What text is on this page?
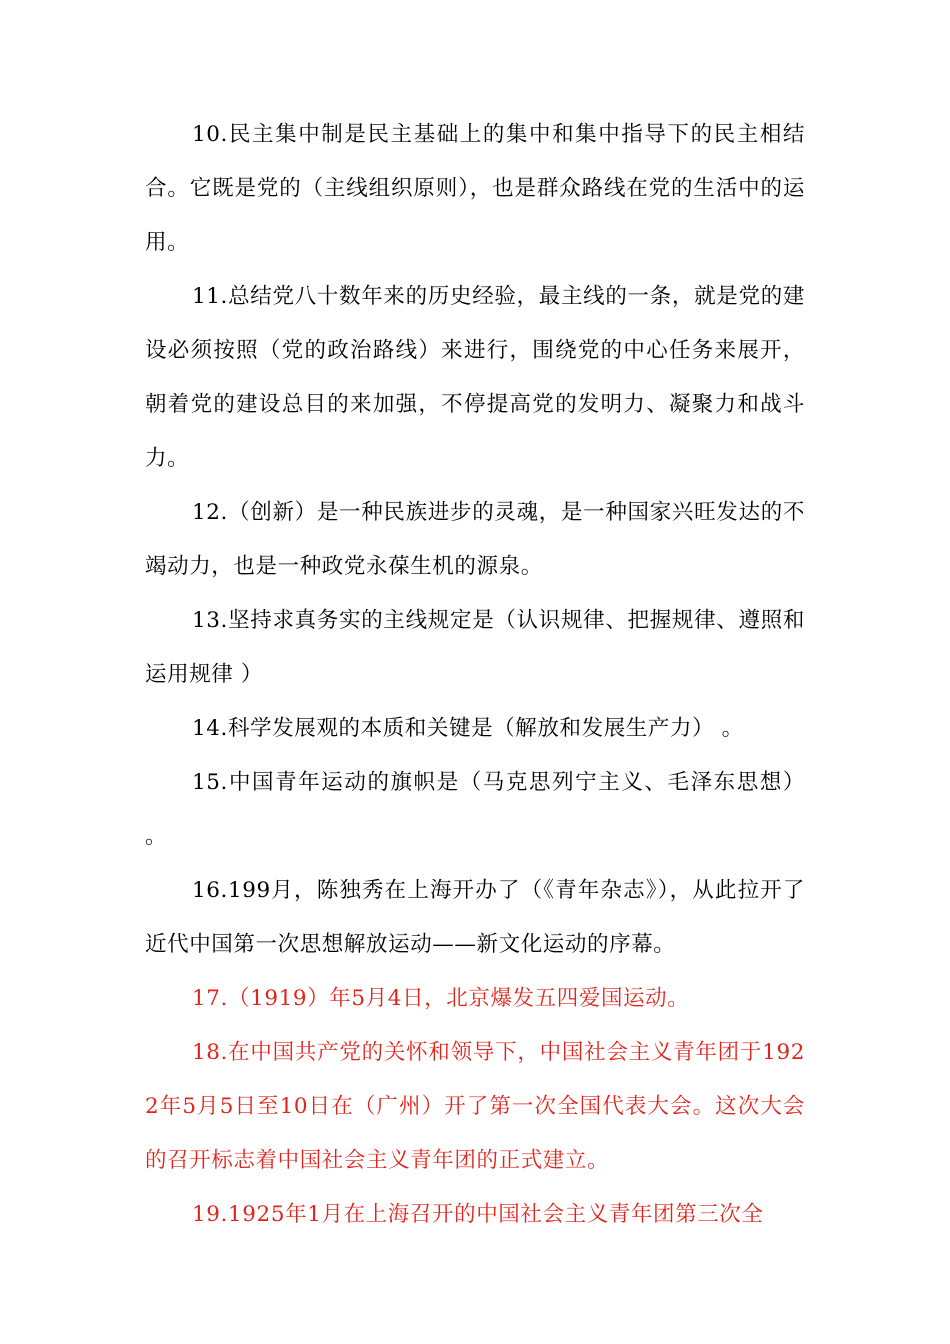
10.民主集中制是民主基础上的集中和集中指导下的民主相结合。它既是党的（主线组织原则），也是群众路线在党的生活中的运用。

11.总结党八十数年来的历史经验，最主线的一条，就是党的建设必须按照（党的政治路线）来进行，围绕党的中心任务来展开，朝着党的建设总目的来加强，不停提高党的发明力、凝聚力和战斗力。

12.（创新）是一种民族进步的灵魂，是一种国家兴旺发达的不竭动力，也是一种政党永葆生机的源泉。

13.坚持求真务实的主线规定是（认识规律、把握规律、遵照和运用规律 ）

14.科学发展观的本质和关键是（解放和发展生产力） 。

15.中国青年运动的旗帜是（马克思列宁主义、毛泽东思想） 。

16.199月，陈独秀在上海开办了（《青年杂志》），从此拉开了近代中国第一次思想解放运动——新文化运动的序幕。

17.（1919）年5月4日，北京爆发五四爱国运动。

18.在中国共产党的关怀和领导下，中国社会主义青年团于1922年5月5日至10日在（广州）开了第一次全国代表大会。这次大会的召开标志着中国社会主义青年团的正式建立。

19.1925年1月在上海召开的中国社会主义青年团第三次全
